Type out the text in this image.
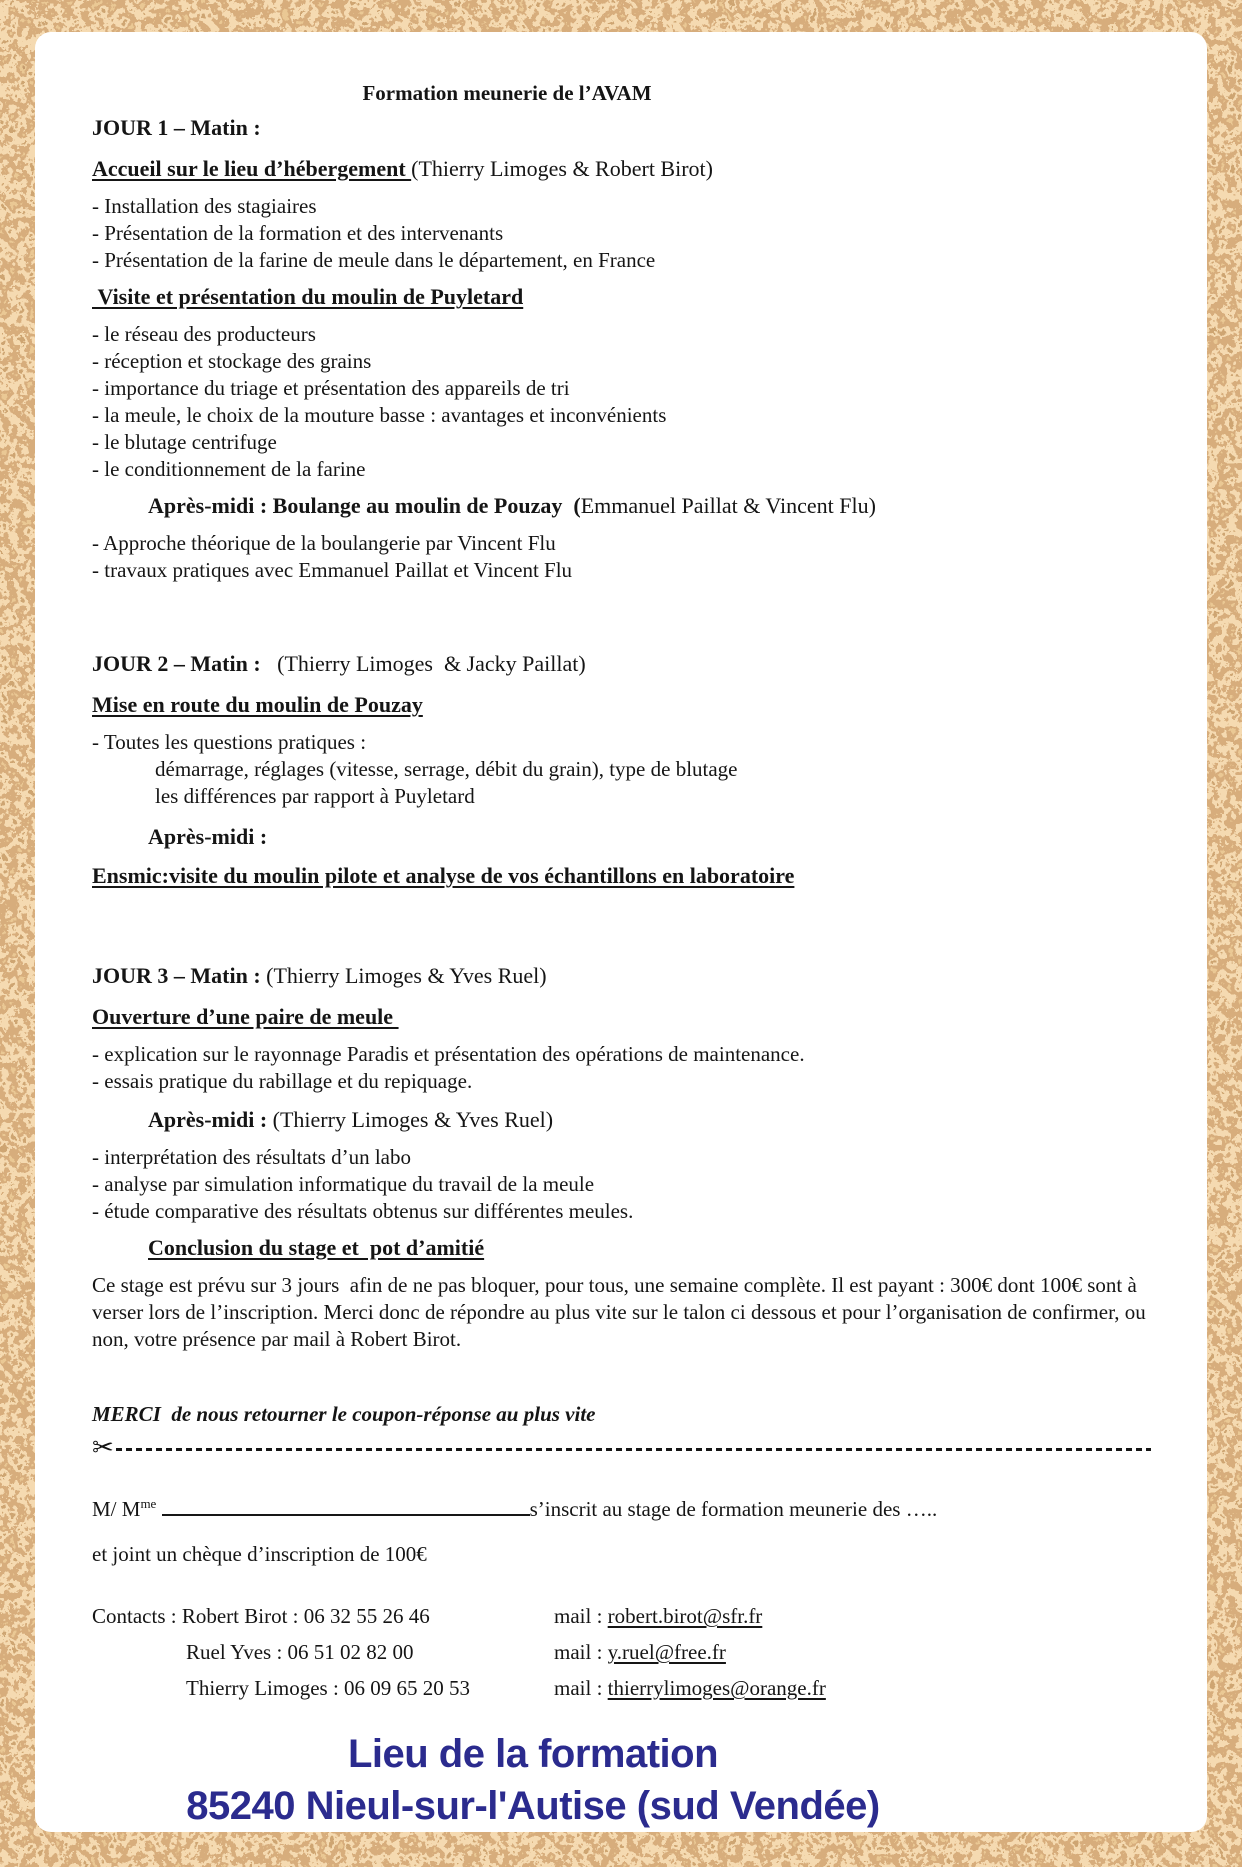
Formation meunerie de l’AVAM
JOUR 1 – Matin :
Accueil sur le lieu d’hébergement (Thierry Limoges & Robert Birot)
- Installation des stagiaires
- Présentation de la formation et des intervenants
- Présentation de la farine de meule dans le département, en France
Visite et présentation du moulin de Puyletard
- le réseau des producteurs
- réception et stockage des grains
- importance du triage et présentation des appareils de tri
- la meule, le choix de la mouture basse : avantages et inconvénients
- le blutage centrifuge
- le conditionnement de la farine
Après-midi : Boulange au moulin de Pouzay  (Emmanuel Paillat & Vincent Flu)
- Approche théorique de la boulangerie par Vincent Flu
- travaux pratiques avec Emmanuel Paillat et Vincent Flu
JOUR 2 – Matin :   (Thierry Limoges  & Jacky Paillat)
Mise en route du moulin de Pouzay
- Toutes les questions pratiques :
démarrage, réglages (vitesse, serrage, débit du grain), type de blutage
les différences par rapport à Puyletard
Après-midi :
Ensmic:visite du moulin pilote et analyse de vos échantillons en laboratoire
JOUR 3 – Matin : (Thierry Limoges & Yves Ruel)
Ouverture d’une paire de meule
- explication sur le rayonnage Paradis et présentation des opérations de maintenance.
- essais pratique du rabillage et du repiquage.
Après-midi : (Thierry Limoges & Yves Ruel)
- interprétation des résultats d’un labo
- analyse par simulation informatique du travail de la meule
- étude comparative des résultats obtenus sur différentes meules.
Conclusion du stage et  pot d’amitié
Ce stage est prévu sur 3 jours  afin de ne pas bloquer, pour tous, une semaine complète. Il est payant : 300€ dont 100€ sont à verser lors de l’inscription. Merci donc de répondre au plus vite sur le talon ci dessous et pour l’organisation de confirmer, ou non, votre présence par mail à Robert Birot.
MERCI  de nous retourner le coupon-réponse au plus vite
✂
M/ $M^{me}$	s’inscrit au stage de formation meunerie des …..
et joint un chèque d’inscription de 100€
Contacts : Robert Birot : 06 32 55 26 46	mail : robert.birot@sfr.fr
Ruel Yves : 06 51 02 82 00	mail : y.ruel@free.fr
Thierry Limoges : 06 09 65 20 53	mail : thierrylimoges@orange.fr
Lieu de la formation
85240 Nieul-sur-l'Autise (sud Vendée)
